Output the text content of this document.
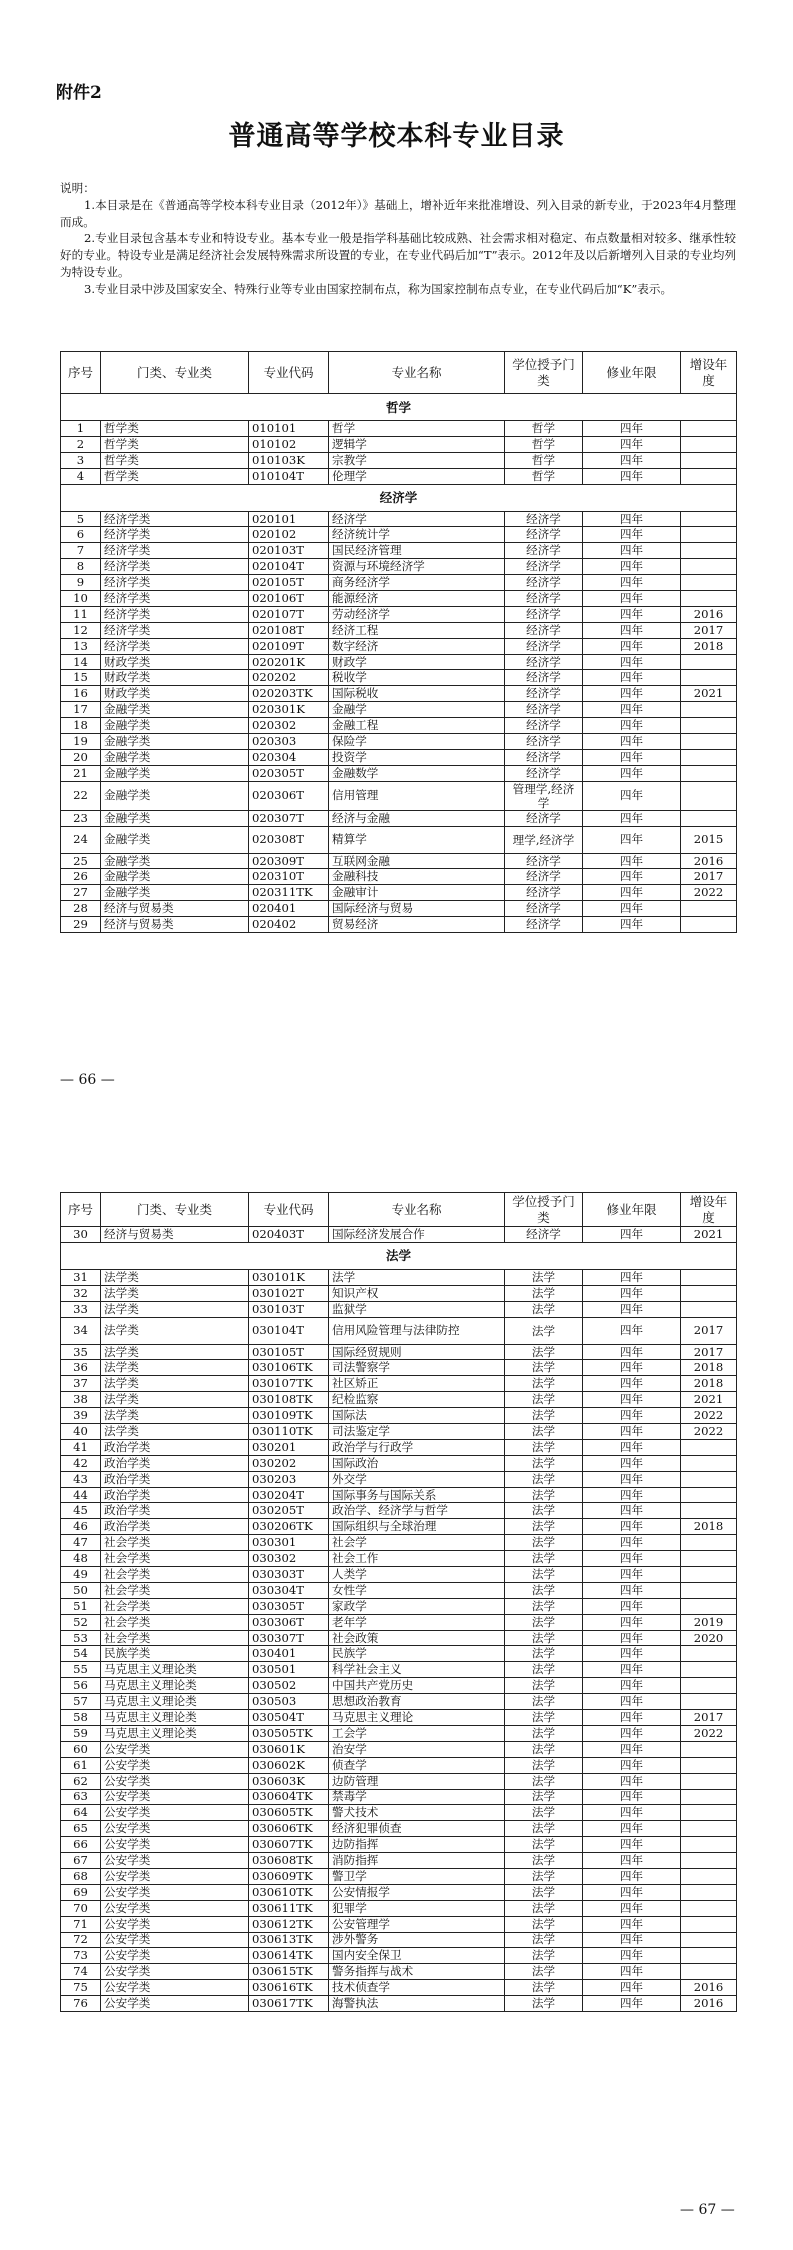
附件2
普通高等学校本科专业目录

说明：

1.本目录是在《普通高等学校本科专业目录（2012年）》基础上，增补近年来批准增设、列入目录的新专业，于2023年4月整理而成。

2.专业目录包含基本专业和特设专业。基本专业一般是指学科基础比较成熟、社会需求相对稳定、布点数量相对较多、继承性较好的专业。特设专业是满足经济社会发展特殊需求所设置的专业，在专业代码后加“T”表示。2012年及以后新增列入目录的专业均列为特设专业。

3.专业目录中涉及国家安全、特殊行业等专业由国家控制布点，称为国家控制布点专业，在专业代码后加“K”表示。

序号	门类、专业类	专业代码	专业名称	学位授予门类	修业年限	增设年度
哲学						
1	哲学类	010101	哲学	哲学	四年	
2	哲学类	010102	逻辑学	哲学	四年	
3	哲学类	010103K	宗教学	哲学	四年	
4	哲学类	010104T	伦理学	哲学	四年	
经济学						
5	经济学类	020101	经济学	经济学	四年	
6	经济学类	020102	经济统计学	经济学	四年	
7	经济学类	020103T	国民经济管理	经济学	四年	
8	经济学类	020104T	资源与环境经济学	经济学	四年	
9	经济学类	020105T	商务经济学	经济学	四年	
10	经济学类	020106T	能源经济	经济学	四年	
11	经济学类	020107T	劳动经济学	经济学	四年	2016
12	经济学类	020108T	经济工程	经济学	四年	2017
13	经济学类	020109T	数字经济	经济学	四年	2018
14	财政学类	020201K	财政学	经济学	四年	
15	财政学类	020202	税收学	经济学	四年	
16	财政学类	020203TK	国际税收	经济学	四年	2021
17	金融学类	020301K	金融学	经济学	四年	
18	金融学类	020302	金融工程	经济学	四年	
19	金融学类	020303	保险学	经济学	四年	
20	金融学类	020304	投资学	经济学	四年	
21	金融学类	020305T	金融数学	经济学	四年	
22	金融学类	020306T	信用管理	管理学,经济学	四年	
23	金融学类	020307T	经济与金融	经济学	四年	
24	金融学类	020308T	精算学	理学,经济学	四年	2015
25	金融学类	020309T	互联网金融	经济学	四年	2016
26	金融学类	020310T	金融科技	经济学	四年	2017
27	金融学类	020311TK	金融审计	经济学	四年	2022
28	经济与贸易类	020401	国际经济与贸易	经济学	四年	
29	经济与贸易类	020402	贸易经济	经济学	四年	
— 66 —
序号	门类、专业类	专业代码	专业名称	学位授予门类	修业年限	增设年度
30	经济与贸易类	020403T	国际经济发展合作	经济学	四年	2021
法学						
31	法学类	030101K	法学	法学	四年	
32	法学类	030102T	知识产权	法学	四年	
33	法学类	030103T	监狱学	法学	四年	
34	法学类	030104T	信用风险管理与法律防控	法学	四年	2017
35	法学类	030105T	国际经贸规则	法学	四年	2017
36	法学类	030106TK	司法警察学	法学	四年	2018
37	法学类	030107TK	社区矫正	法学	四年	2018
38	法学类	030108TK	纪检监察	法学	四年	2021
39	法学类	030109TK	国际法	法学	四年	2022
40	法学类	030110TK	司法鉴定学	法学	四年	2022
41	政治学类	030201	政治学与行政学	法学	四年	
42	政治学类	030202	国际政治	法学	四年	
43	政治学类	030203	外交学	法学	四年	
44	政治学类	030204T	国际事务与国际关系	法学	四年	
45	政治学类	030205T	政治学、经济学与哲学	法学	四年	
46	政治学类	030206TK	国际组织与全球治理	法学	四年	2018
47	社会学类	030301	社会学	法学	四年	
48	社会学类	030302	社会工作	法学	四年	
49	社会学类	030303T	人类学	法学	四年	
50	社会学类	030304T	女性学	法学	四年	
51	社会学类	030305T	家政学	法学	四年	
52	社会学类	030306T	老年学	法学	四年	2019
53	社会学类	030307T	社会政策	法学	四年	2020
54	民族学类	030401	民族学	法学	四年	
55	马克思主义理论类	030501	科学社会主义	法学	四年	
56	马克思主义理论类	030502	中国共产党历史	法学	四年	
57	马克思主义理论类	030503	思想政治教育	法学	四年	
58	马克思主义理论类	030504T	马克思主义理论	法学	四年	2017
59	马克思主义理论类	030505TK	工会学	法学	四年	2022
60	公安学类	030601K	治安学	法学	四年	
61	公安学类	030602K	侦查学	法学	四年	
62	公安学类	030603K	边防管理	法学	四年	
63	公安学类	030604TK	禁毒学	法学	四年	
64	公安学类	030605TK	警犬技术	法学	四年	
65	公安学类	030606TK	经济犯罪侦查	法学	四年	
66	公安学类	030607TK	边防指挥	法学	四年	
67	公安学类	030608TK	消防指挥	法学	四年	
68	公安学类	030609TK	警卫学	法学	四年	
69	公安学类	030610TK	公安情报学	法学	四年	
70	公安学类	030611TK	犯罪学	法学	四年	
71	公安学类	030612TK	公安管理学	法学	四年	
72	公安学类	030613TK	涉外警务	法学	四年	
73	公安学类	030614TK	国内安全保卫	法学	四年	
74	公安学类	030615TK	警务指挥与战术	法学	四年	
75	公安学类	030616TK	技术侦查学	法学	四年	2016
76	公安学类	030617TK	海警执法	法学	四年	2016
— 67 —
